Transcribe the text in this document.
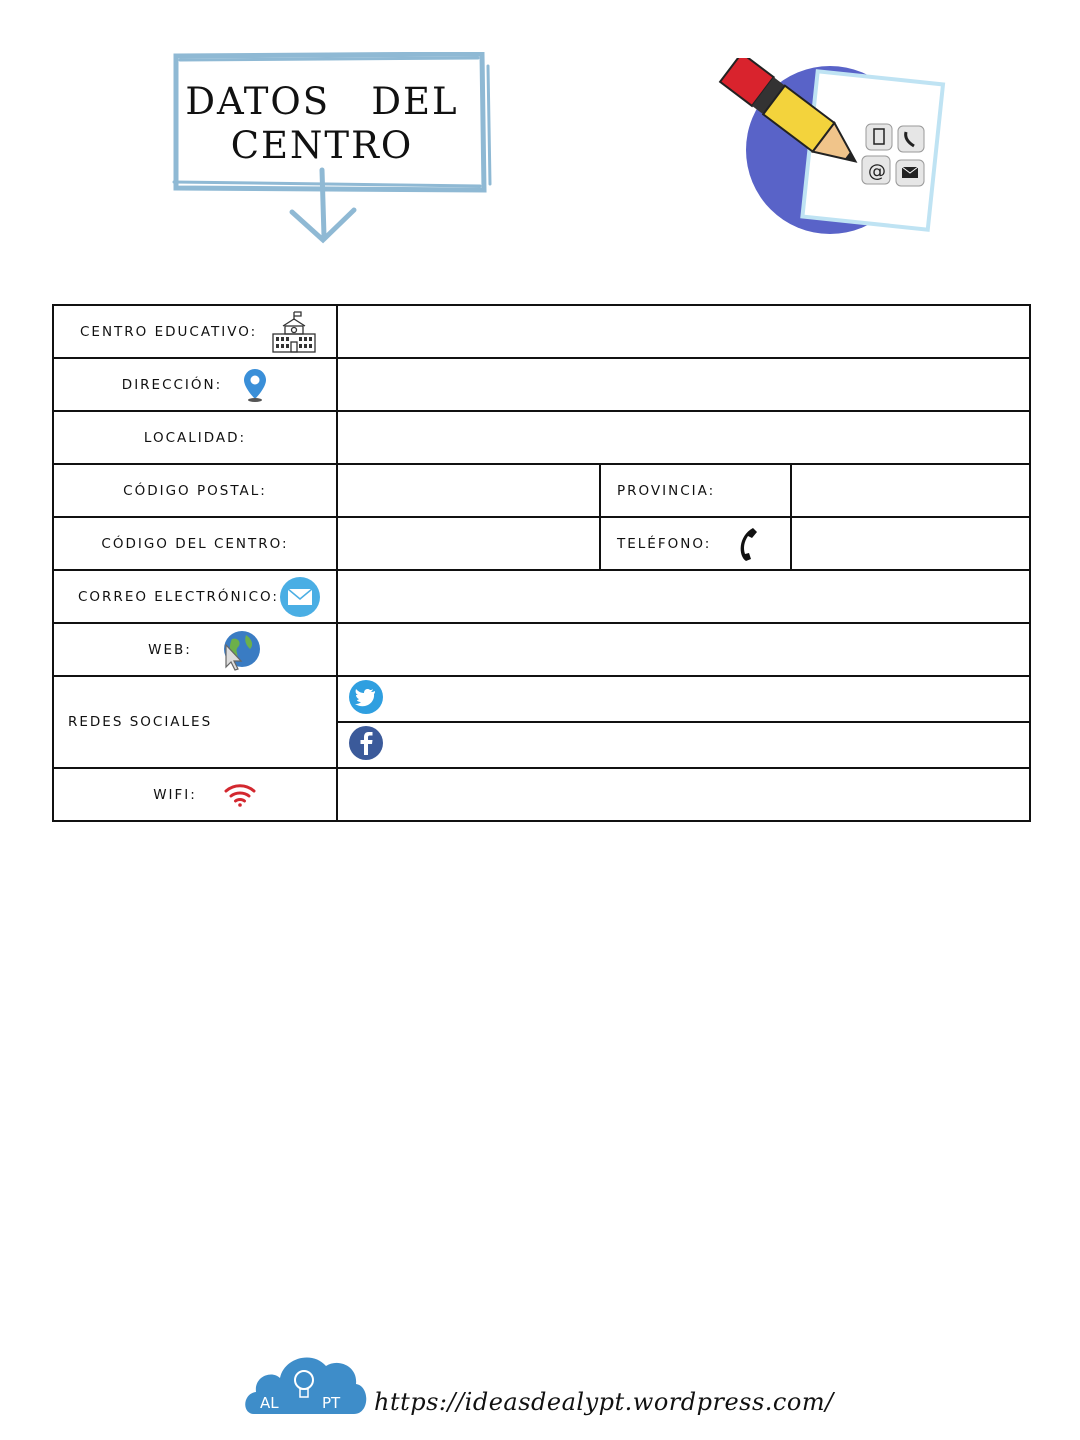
DATOS   DEL
CENTRO
@
CENTRO EDUCATIVO:			

DIRECCIÓN:			

LOCALIDAD:			

CÓDIGO POSTAL:		PROVINCIA:	

CÓDIGO DEL CENTRO:		TELÉFONO:	

CORREO ELECTRÓNICO:			

WEB:			

REDES SOCIALES

WIFI:			

AL	PT https://ideasdealypt.wordpress.com/
